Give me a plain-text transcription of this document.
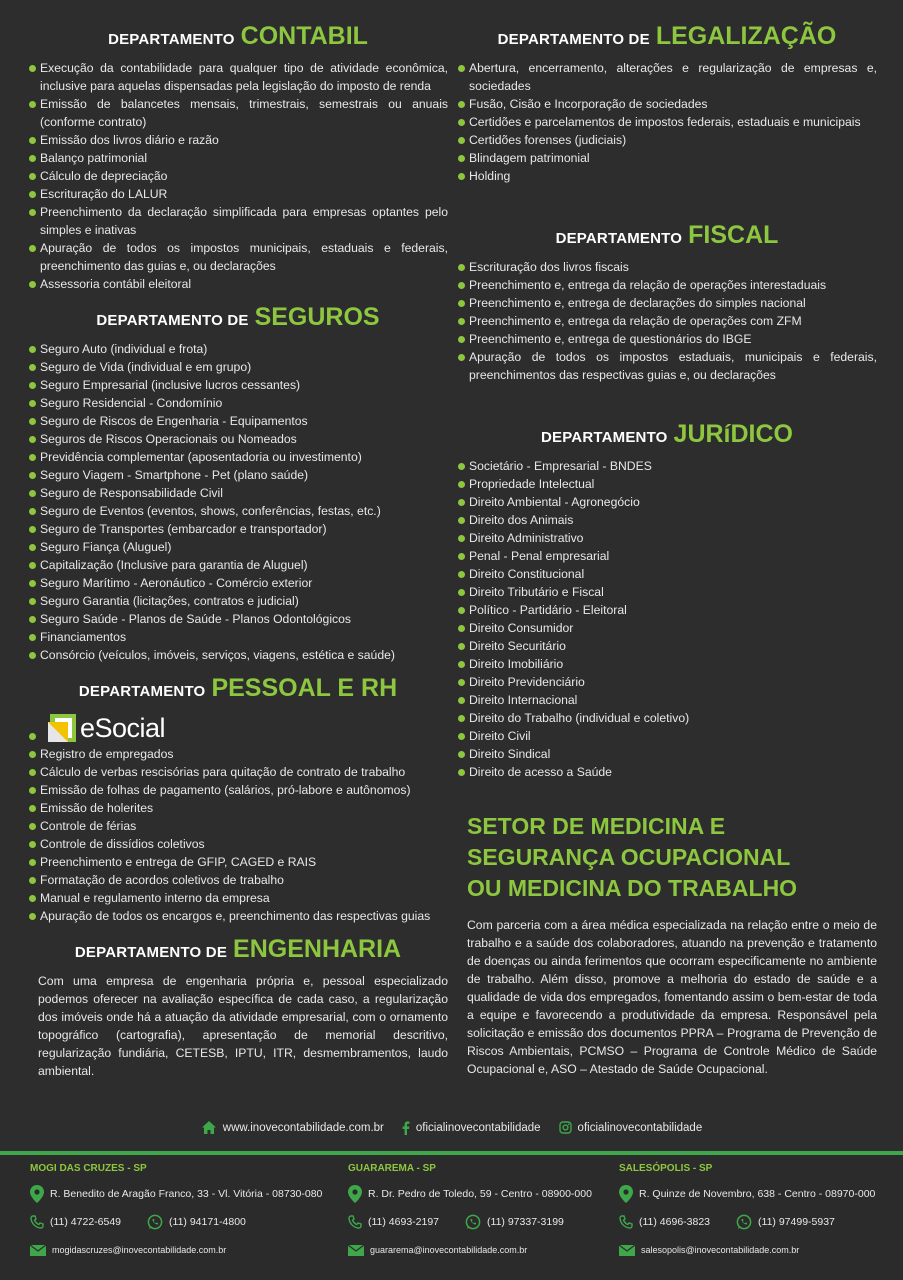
DEPARTAMENTO CONTABIL
Execução da contabilidade para qualquer tipo de atividade econômica, inclusive para aquelas dispensadas pela legislação do imposto de renda
Emissão de balancetes mensais, trimestrais, semestrais ou anuais (conforme contrato)
Emissão dos livros diário e razão
Balanço patrimonial
Cálculo de depreciação
Escrituração do LALUR
Preenchimento da declaração simplificada para empresas optantes pelo simples e inativas
Apuração de todos os impostos municipais, estaduais e federais, preenchimento das guias e, ou declarações
Assessoria contábil eleitoral
DEPARTAMENTO DE SEGUROS
Seguro Auto (individual e frota)
Seguro de Vida (individual e em grupo)
Seguro Empresarial (inclusive lucros cessantes)
Seguro Residencial - Condomínio
Seguro de Riscos de Engenharia - Equipamentos
Seguros de Riscos Operacionais ou Nomeados
Previdência complementar (aposentadoria ou investimento)
Seguro Viagem - Smartphone - Pet (plano saúde)
Seguro de Responsabilidade Civil
Seguro de Eventos (eventos, shows, conferências, festas, etc.)
Seguro de Transportes (embarcador e transportador)
Seguro Fiança (Aluguel)
Capitalização (Inclusive para garantia de Aluguel)
Seguro Marítimo - Aeronáutico - Comércio exterior
Seguro Garantia (licitações, contratos e judicial)
Seguro Saúde - Planos de Saúde - Planos Odontológicos
Financiamentos
Consórcio (veículos, imóveis, serviços, viagens, estética e saúde)
DEPARTAMENTO PESSOAL E RH
eSocial
Registro de empregados
Cálculo de verbas rescisórias para quitação de contrato de trabalho
Emissão de folhas de pagamento (salários, pró-labore e autônomos)
Emissão de holerites
Controle de férias
Controle de dissídios coletivos
Preenchimento e entrega de GFIP, CAGED e RAIS
Formatação de acordos coletivos de trabalho
Manual e regulamento interno da empresa
Apuração de todos os encargos e, preenchimento das respectivas guias
DEPARTAMENTO DE ENGENHARIA

Com uma empresa de engenharia própria e, pessoal especializado podemos oferecer na avaliação específica de cada caso, a regularização dos imóveis onde há a atuação da atividade empresarial, com o ornamento topográfico (cartografia), apresentação de memorial descritivo, regularização fundiária, CETESB, IPTU, ITR, desmembramentos, laudo ambiental.

DEPARTAMENTO DE LEGALIZAÇÃO
Abertura, encerramento, alterações e regularização de empresas e, sociedades
Fusão, Cisão e Incorporação de sociedades
Certidões e parcelamentos de impostos federais, estaduais e municipais
Certidões forenses (judiciais)
Blindagem patrimonial
Holding
DEPARTAMENTO FISCAL
Escrituração dos livros fiscais
Preenchimento e, entrega da relação de operações interestaduais
Preenchimento e, entrega de declarações do simples nacional
Preenchimento e, entrega da relação de operações com ZFM
Preenchimento e, entrega de questionários do IBGE
Apuração de todos os impostos estaduais, municipais e federais, preenchimentos das respectivas guias e, ou declarações
DEPARTAMENTO JURíDICO
Societário - Empresarial - BNDES
Propriedade Intelectual
Direito Ambiental - Agronegócio
Direito dos Animais
Direito Administrativo
Penal - Penal empresarial
Direito Constitucional
Direito Tributário e Fiscal
Político - Partidário - Eleitoral
Direito Consumidor
Direito Securitário
Direito Imobiliário
Direito Previdenciário
Direito Internacional
Direito do Trabalho (individual e coletivo)
Direito Civil
Direito Sindical
Direito de acesso a Saúde
SETOR DE MEDICINA E
SEGURANÇA OCUPACIONAL
OU MEDICINA DO TRABALHO

Com parceria com a área médica especializada na relação entre o meio de trabalho e a saúde dos colaboradores, atuando na prevenção e tratamento de doenças ou ainda ferimentos que ocorram especificamente no ambiente de trabalho. Além disso, promove a melhoria do estado de saúde e a qualidade de vida dos empregados, fomentando assim o bem-estar de toda a equipe e favorecendo a produtividade da empresa. Responsável pela solicitação e emissão dos documentos PPRA – Programa de Prevenção de Riscos Ambientais, PCMSO – Programa de Controle Médico de Saúde Ocupacional e, ASO – Atestado de Saúde Ocupacional.

www.inovecontabilidade.com.br	oficialinovecontabilidade	oficialinovecontabilidade
MOGI DAS CRUZES - SP
R. Benedito de Aragão Franco, 33 - Vl. Vitória - 08730-080
(11) 4722-6549	(11) 94171-4800
mogidascruzes@inovecontabilidade.com.br
GUARAREMA - SP
R. Dr. Pedro de Toledo, 59 - Centro - 08900-000
(11) 4693-2197	(11) 97337-3199
guararema@inovecontabilidade.com.br
SALESÓPOLIS - SP
R. Quinze de Novembro, 638 - Centro - 08970-000
(11) 4696-3823	(11) 97499-5937
salesopolis@inovecontabilidade.com.br
